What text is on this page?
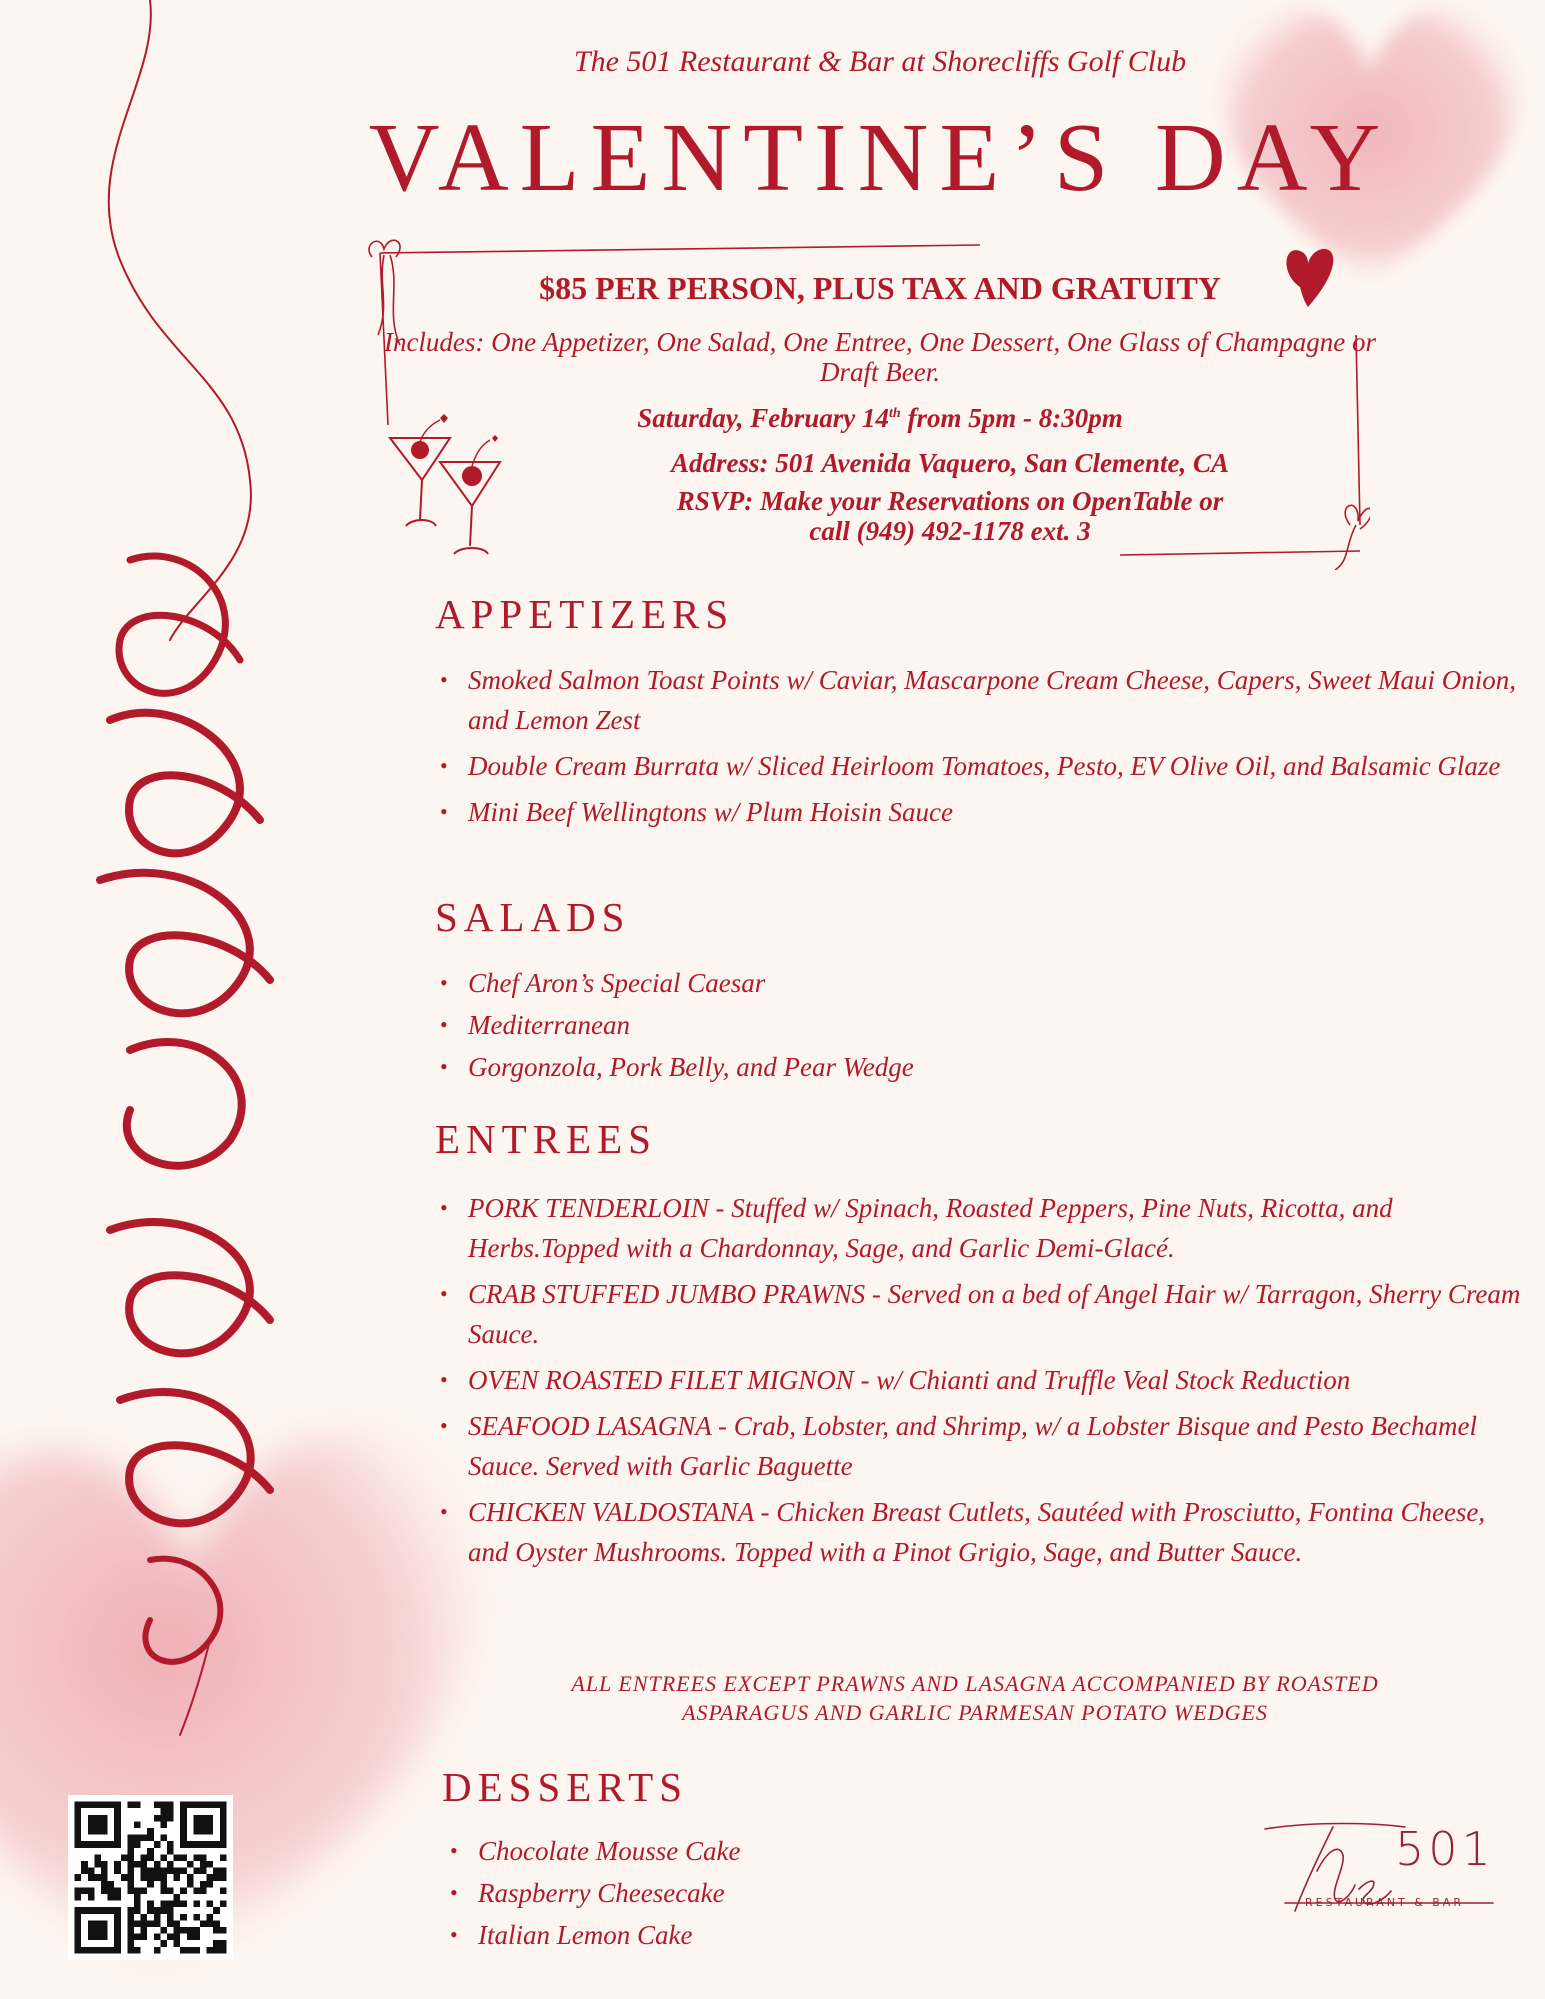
menu
The 501 Restaurant & Bar at Shorecliffs Golf Club
VALENTINE’S DAY
$85 PER PERSON, PLUS TAX AND GRATUITY
Includes: One Appetizer, One Salad, One Entree, One Dessert, One Glass of Champagne or Draft Beer.
Saturday, February 14th from 5pm - 8:30pm
Address: 501 Avenida Vaquero, San Clemente, CA
RSVP: Make your Reservations on OpenTable or
call (949) 492-1178 ext. 3
APPETIZERS
• Smoked Salmon Toast Points w/ Caviar, Mascarpone Cream Cheese, Capers, Sweet Maui Onion, and Lemon Zest
• Double Cream Burrata w/ Sliced Heirloom Tomatoes, Pesto, EV Olive Oil, and Balsamic Glaze
• Mini Beef Wellingtons w/ Plum Hoisin Sauce
SALADS
• Chef Aron’s Special Caesar
• Mediterranean
• Gorgonzola, Pork Belly, and Pear Wedge
ENTREES
• PORK TENDERLOIN - Stuffed w/ Spinach, Roasted Peppers, Pine Nuts, Ricotta, and Herbs.Topped with a Chardonnay, Sage, and Garlic Demi-Glacé.
• CRAB STUFFED JUMBO PRAWNS - Served on a bed of Angel Hair w/ Tarragon, Sherry Cream Sauce.
• OVEN ROASTED FILET MIGNON - w/ Chianti and Truffle Veal Stock Reduction
• SEAFOOD LASAGNA - Crab, Lobster, and Shrimp, w/ a Lobster Bisque and Pesto Bechamel Sauce. Served with Garlic Baguette
• CHICKEN VALDOSTANA - Chicken Breast Cutlets, Sautéed with Prosciutto, Fontina Cheese, and Oyster Mushrooms. Topped with a Pinot Grigio, Sage, and Butter Sauce.
ALL ENTREES EXCEPT PRAWNS AND LASAGNA ACCOMPANIED BY ROASTED
ASPARAGUS AND GARLIC PARMESAN POTATO WEDGES
DESSERTS
• Chocolate Mousse Cake
• Raspberry Cheesecake
• Italian Lemon Cake
The
501
RESTAURANT & BAR
